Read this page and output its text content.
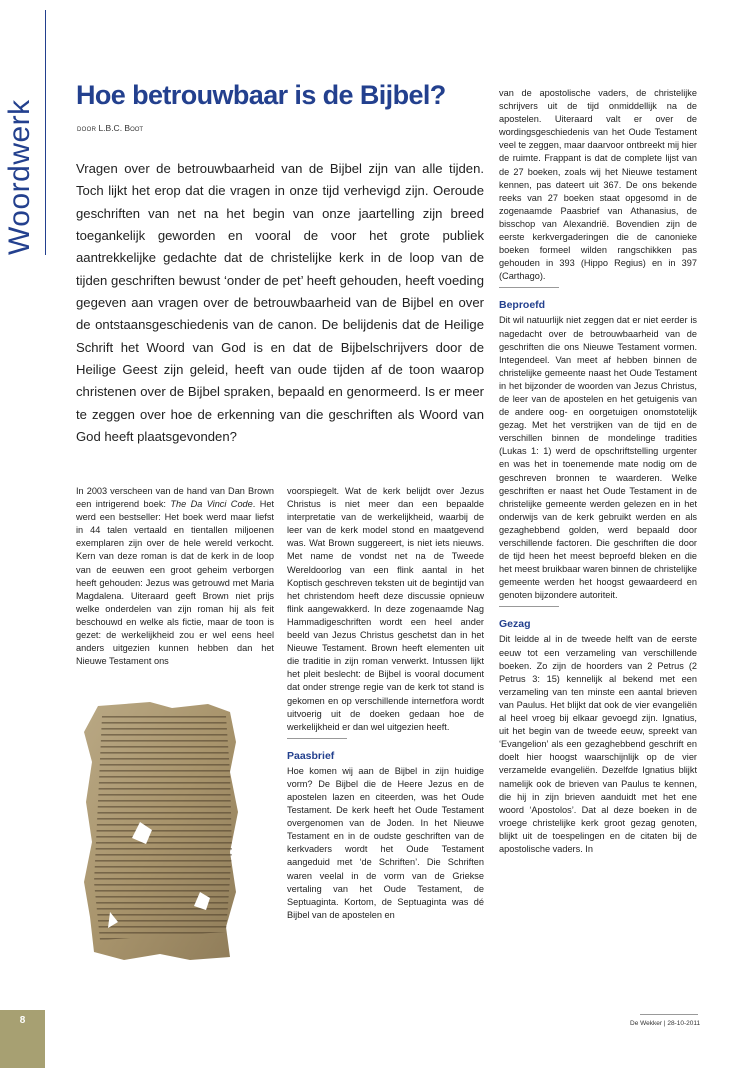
Woordwerk
Hoe betrouwbaar is de Bijbel?
DOOR L.B.C. Boot

Vragen over de betrouwbaarheid van de Bijbel zijn van alle tijden. Toch lijkt het erop dat die vragen in onze tijd verhevigd zijn. Oeroude geschriften van net na het begin van onze jaartelling zijn breed toegankelijk geworden en vooral de voor het grote publiek aantrekkelijke gedachte dat de christelijke kerk in de loop van de tijden geschriften bewust ‘onder de pet’ heeft gehouden, heeft voeding gegeven aan vragen over de betrouwbaarheid van de Bijbel en over de ontstaansgeschiedenis van de canon. De belijdenis dat de Heilige Schrift het Woord van God is en dat de Bijbelschrijvers door de Heilige Geest zijn geleid, heeft van oude tijden af de toon waarop christenen over de Bijbel spraken, bepaald en genormeerd. Is er meer te zeggen over hoe de erkenning van die geschriften als Woord van God heeft plaatsgevonden?

In 2003 verscheen van de hand van Dan Brown een intrigerend boek: The Da Vinci Code. Het werd een bestseller: Het boek werd maar liefst in 44 talen vertaald en tientallen miljoenen exemplaren zijn over de hele wereld verkocht. Kern van deze roman is dat de kerk in de loop van de eeuwen een groot geheim verborgen heeft gehouden: Jezus was getrouwd met Maria Magdalena. Uiteraard geeft Brown niet prijs welke onderdelen van zijn roman hij als feit beschouwd en welke als fictie, maar de toon is gezet: de werkelijkheid zou er wel eens heel anders uitgezien kunnen hebben dan het Nieuwe Testament ons

voorspiegelt. Wat de kerk belijdt over Jezus Christus is niet meer dan een bepaalde interpretatie van de werkelijkheid, waarbij de leer van de kerk model stond en maatgevend was. Wat Brown suggereert, is niet iets nieuws. Met name de vondst net na de Tweede Wereldoorlog van een flink aantal in het Koptisch geschreven teksten uit de begintijd van het christendom heeft deze discussie opnieuw flink aangewakkerd. In deze zogenaamde Nag Hammadigeschriften wordt een heel ander beeld van Jezus Christus geschetst dan in het Nieuwe Testament. Brown heeft elementen uit die traditie in zijn roman verwerkt. Intussen lijkt het pleit beslecht: de Bijbel is vooral document dat onder strenge regie van de kerk tot stand is gekomen en op verschillende internetfora wordt uitvoerig uit de doeken gedaan hoe de werkelijkheid er dan wel uitgezien heeft.

Paasbrief

Hoe komen wij aan de Bijbel in zijn huidige vorm? De Bijbel die de Heere Jezus en de apostelen lazen en citeerden, was het Oude Testament. De kerk heeft het Oude Testament overgenomen van de Joden. In het Nieuwe Testament en in de oudste geschriften van de kerkvaders wordt het Oude Testament aangeduid met ‘de Schriften’. Die Schriften waren veelal in de vorm van de Griekse vertaling van het Oude Testament, de Septuaginta. Kortom, de Septuaginta was dé Bijbel van de apostelen en

van de apostolische vaders, de christelijke schrijvers uit de tijd onmiddellijk na de apostelen. Uiteraard valt er over de wordingsgeschiedenis van het Oude Testament veel te zeggen, maar daarvoor ontbreekt mij hier de ruimte. Frappant is dat de complete lijst van de 27 boeken, zoals wij het Nieuwe testament kennen, pas dateert uit 367. De ons bekende reeks van 27 boeken staat opgesomd in de zogenaamde Paasbrief van Athanasius, de bisschop van Alexandrië. Bovendien zijn de eerste kerkvergaderingen die de canonieke boeken formeel wilden rangschikken pas gehouden in 393 (Hippo Regius) en in 397 (Carthago).

Beproefd

Dit wil natuurlijk niet zeggen dat er niet eerder is nagedacht over de betrouwbaarheid van de geschriften die ons Nieuwe Testament vormen. Integendeel. Van meet af hebben binnen de christelijke gemeente naast het Oude Testament in het bijzonder de woorden van Jezus Christus, de leer van de apostelen en het getuigenis van de andere oog- en oorgetuigen onomstotelijk gezag. Met het verstrijken van de tijd en de verschillen binnen de mondelinge tradities (Lukas 1: 1) werd de opschriftstelling urgenter en was het in toenemende mate nodig om de geschreven bronnen te waarderen. Welke geschriften er naast het Oude Testament in de christelijke gemeente werden gelezen en in het onderwijs van de kerk gebruikt werden en als gezaghebbend golden, werd bepaald door verschillende factoren. Die geschriften die door de tijd heen het meest beproefd bleken en die het meest bruikbaar waren binnen de christelijke gemeente werden het hoogst gewaardeerd en genoten bijzondere autoriteit.

Gezag

Dit leidde al in de tweede helft van de eerste eeuw tot een verzameling van verschillende boeken. Zo zijn de hoorders van 2 Petrus (2 Petrus 3: 15) kennelijk al bekend met een verzameling van ten minste een aantal brieven van Paulus. Het blijkt dat ook de vier evangeliën al heel vroeg bij elkaar gevoegd zijn. Ignatius, uit het begin van de tweede eeuw, spreekt van ‘Evangelion’ als een gezaghebbend geschrift en doelt hier hoogst waarschijnlijk op de vier verzamelde evangeliën. Dezelfde Ignatius blijkt namelijk ook de brieven van Paulus te kennen, die hij in zijn brieven aanduidt met het ene woord ‘Apostolos’. Dat al deze boeken in de vroege christelijke kerk groot gezag genoten, blijkt uit de toespelingen en de citaten bij de apostolische vaders. In

8	De Wekker | 28-10-2011
